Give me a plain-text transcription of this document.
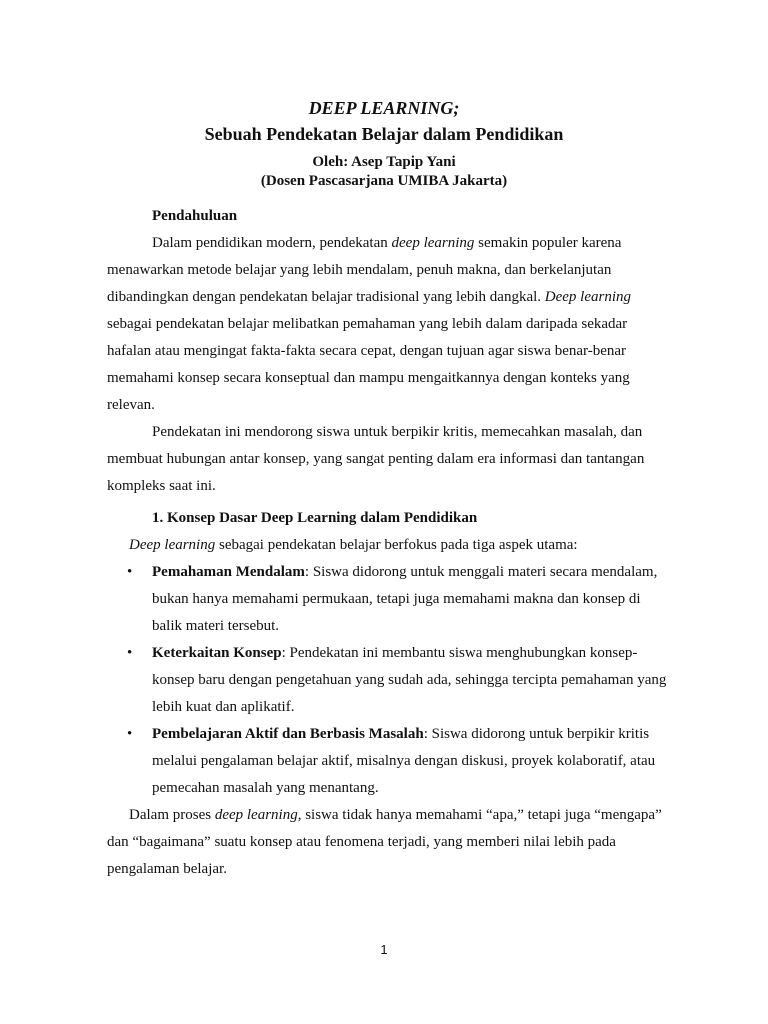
DEEP LEARNING;
Sebuah Pendekatan Belajar dalam Pendidikan
Oleh: Asep Tapip Yani
(Dosen Pascasarjana UMIBA Jakarta)

Pendahuluan

Dalam pendidikan modern, pendekatan deep learning semakin populer karena menawarkan metode belajar yang lebih mendalam, penuh makna, dan berkelanjutan dibandingkan dengan pendekatan belajar tradisional yang lebih dangkal. Deep learning sebagai pendekatan belajar melibatkan pemahaman yang lebih dalam daripada sekadar hafalan atau mengingat fakta-fakta secara cepat, dengan tujuan agar siswa benar-benar memahami konsep secara konseptual dan mampu mengaitkannya dengan konteks yang relevan.

Pendekatan ini mendorong siswa untuk berpikir kritis, memecahkan masalah, dan membuat hubungan antar konsep, yang sangat penting dalam era informasi dan tantangan kompleks saat ini.

1. Konsep Dasar Deep Learning dalam Pendidikan

Deep learning sebagai pendekatan belajar berfokus pada tiga aspek utama:

• Pemahaman Mendalam: Siswa didorong untuk menggali materi secara mendalam, bukan hanya memahami permukaan, tetapi juga memahami makna dan konsep di balik materi tersebut.
• Keterkaitan Konsep: Pendekatan ini membantu siswa menghubungkan konsep-konsep baru dengan pengetahuan yang sudah ada, sehingga tercipta pemahaman yang lebih kuat dan aplikatif.
• Pembelajaran Aktif dan Berbasis Masalah: Siswa didorong untuk berpikir kritis melalui pengalaman belajar aktif, misalnya dengan diskusi, proyek kolaboratif, atau pemecahan masalah yang menantang.

Dalam proses deep learning, siswa tidak hanya memahami “apa,” tetapi juga “mengapa” dan “bagaimana” suatu konsep atau fenomena terjadi, yang memberi nilai lebih pada pengalaman belajar.

1
